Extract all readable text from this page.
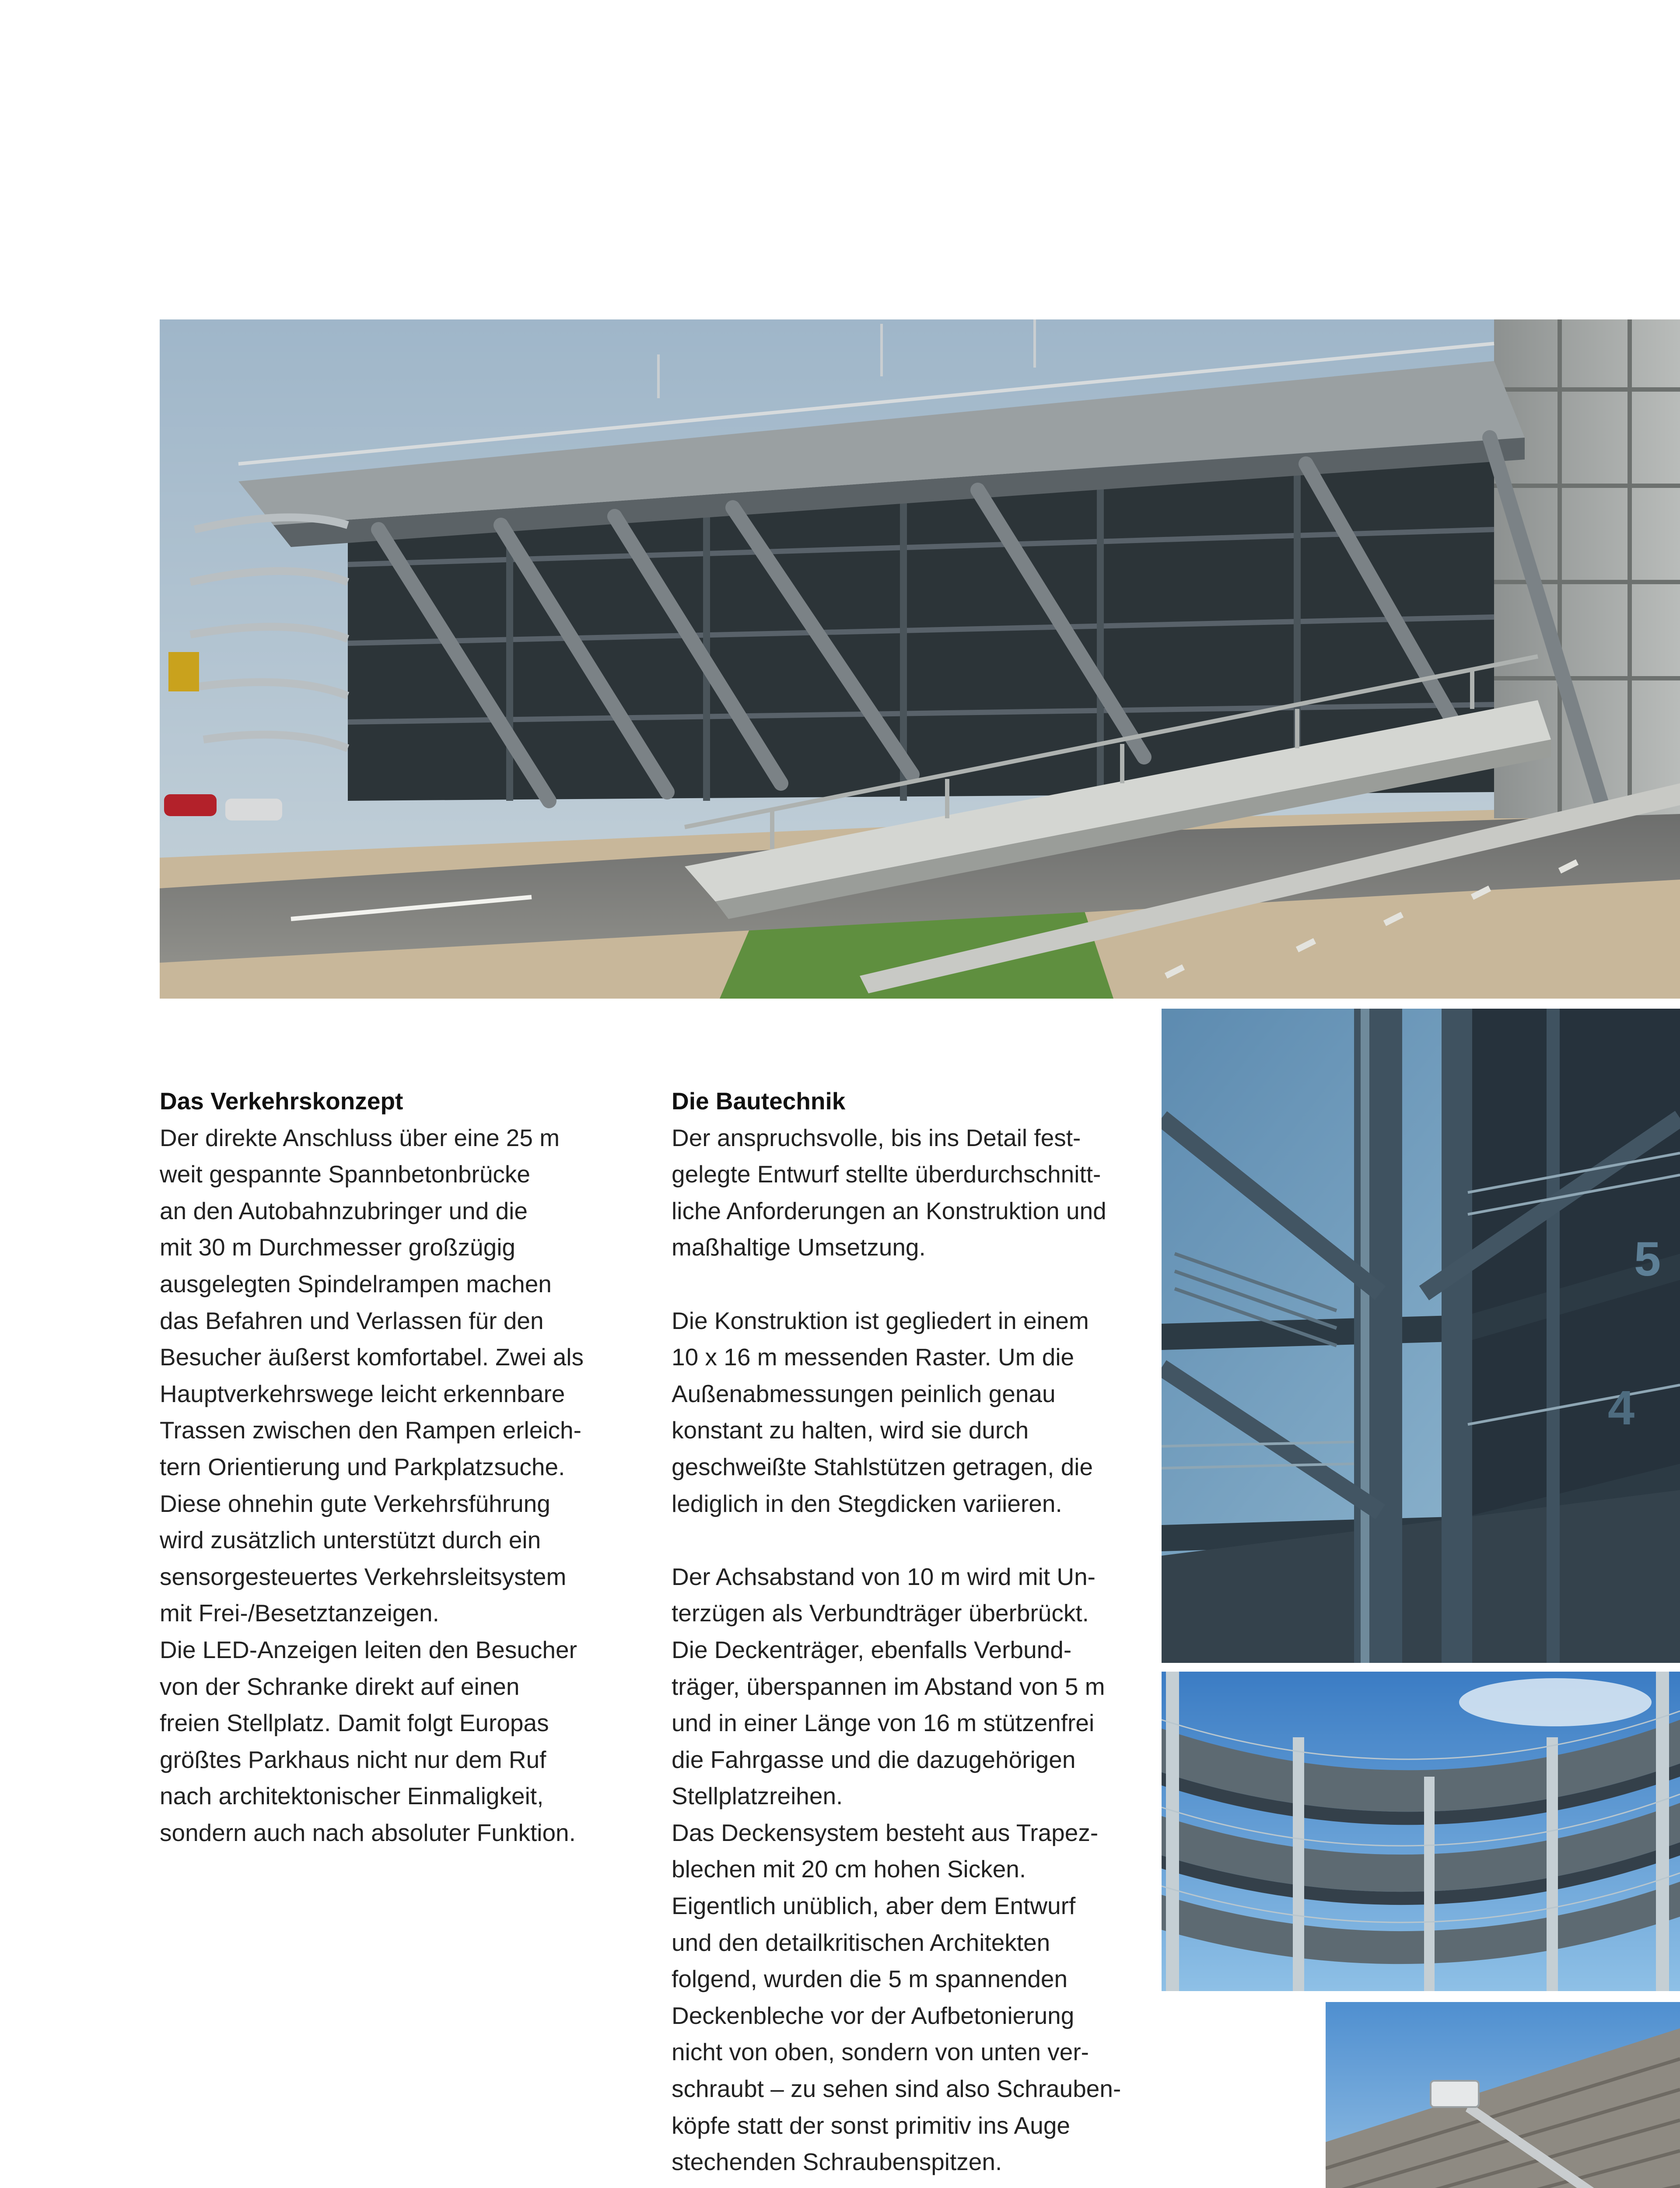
Das Verkehrskonzept
Der direkte Anschluss über eine 25 m
weit gespannte Spannbetonbrücke
an den Autobahnzubringer und die
mit 30 m Durchmesser großzügig
ausgelegten Spindelrampen machen
das Befahren und Verlassen für den
Besucher äußerst komfortabel. Zwei als
Hauptverkehrswege leicht erkennbare
Trassen zwischen den Rampen erleich-
tern Orientierung und Parkplatzsuche.
Diese ohnehin gute Verkehrsführung
wird zusätzlich unterstützt durch ein
sensorgesteuertes Verkehrsleitsystem
mit Frei-/Besetztanzeigen.
Die LED-Anzeigen leiten den Besucher
von der Schranke direkt auf einen
freien Stellplatz. Damit folgt Europas
größtes Parkhaus nicht nur dem Ruf
nach architektonischer Einmaligkeit,
sondern auch nach absoluter Funktion.
Die Bautechnik
Der anspruchsvolle, bis ins Detail fest-
gelegte Entwurf stellte überdurchschnitt-
liche Anforderungen an Konstruktion und
maßhaltige Umsetzung.
Die Konstruktion ist gegliedert in einem
10 x 16 m messenden Raster. Um die
Außenabmessungen peinlich genau
konstant zu halten, wird sie durch
geschweißte Stahlstützen getragen, die
lediglich in den Stegdicken variieren.
Der Achsabstand von 10 m wird mit Un-
terzügen als Verbundträger überbrückt.
Die Deckenträger, ebenfalls Verbund-
träger, überspannen im Abstand von 5 m
und in einer Länge von 16 m stützenfrei
die Fahrgasse und die dazugehörigen
Stellplatzreihen.
Das Deckensystem besteht aus Trapez-
blechen mit 20 cm hohen Sicken.
Eigentlich unüblich, aber dem Entwurf
und den detailkritischen Architekten
folgend, wurden die 5 m spannenden
Deckenbleche vor der Aufbetonierung
nicht von oben, sondern von unten ver-
schraubt – zu sehen sind also Schrauben-
köpfe statt der sonst primitiv ins Auge
stechenden Schraubenspitzen.
5
4
